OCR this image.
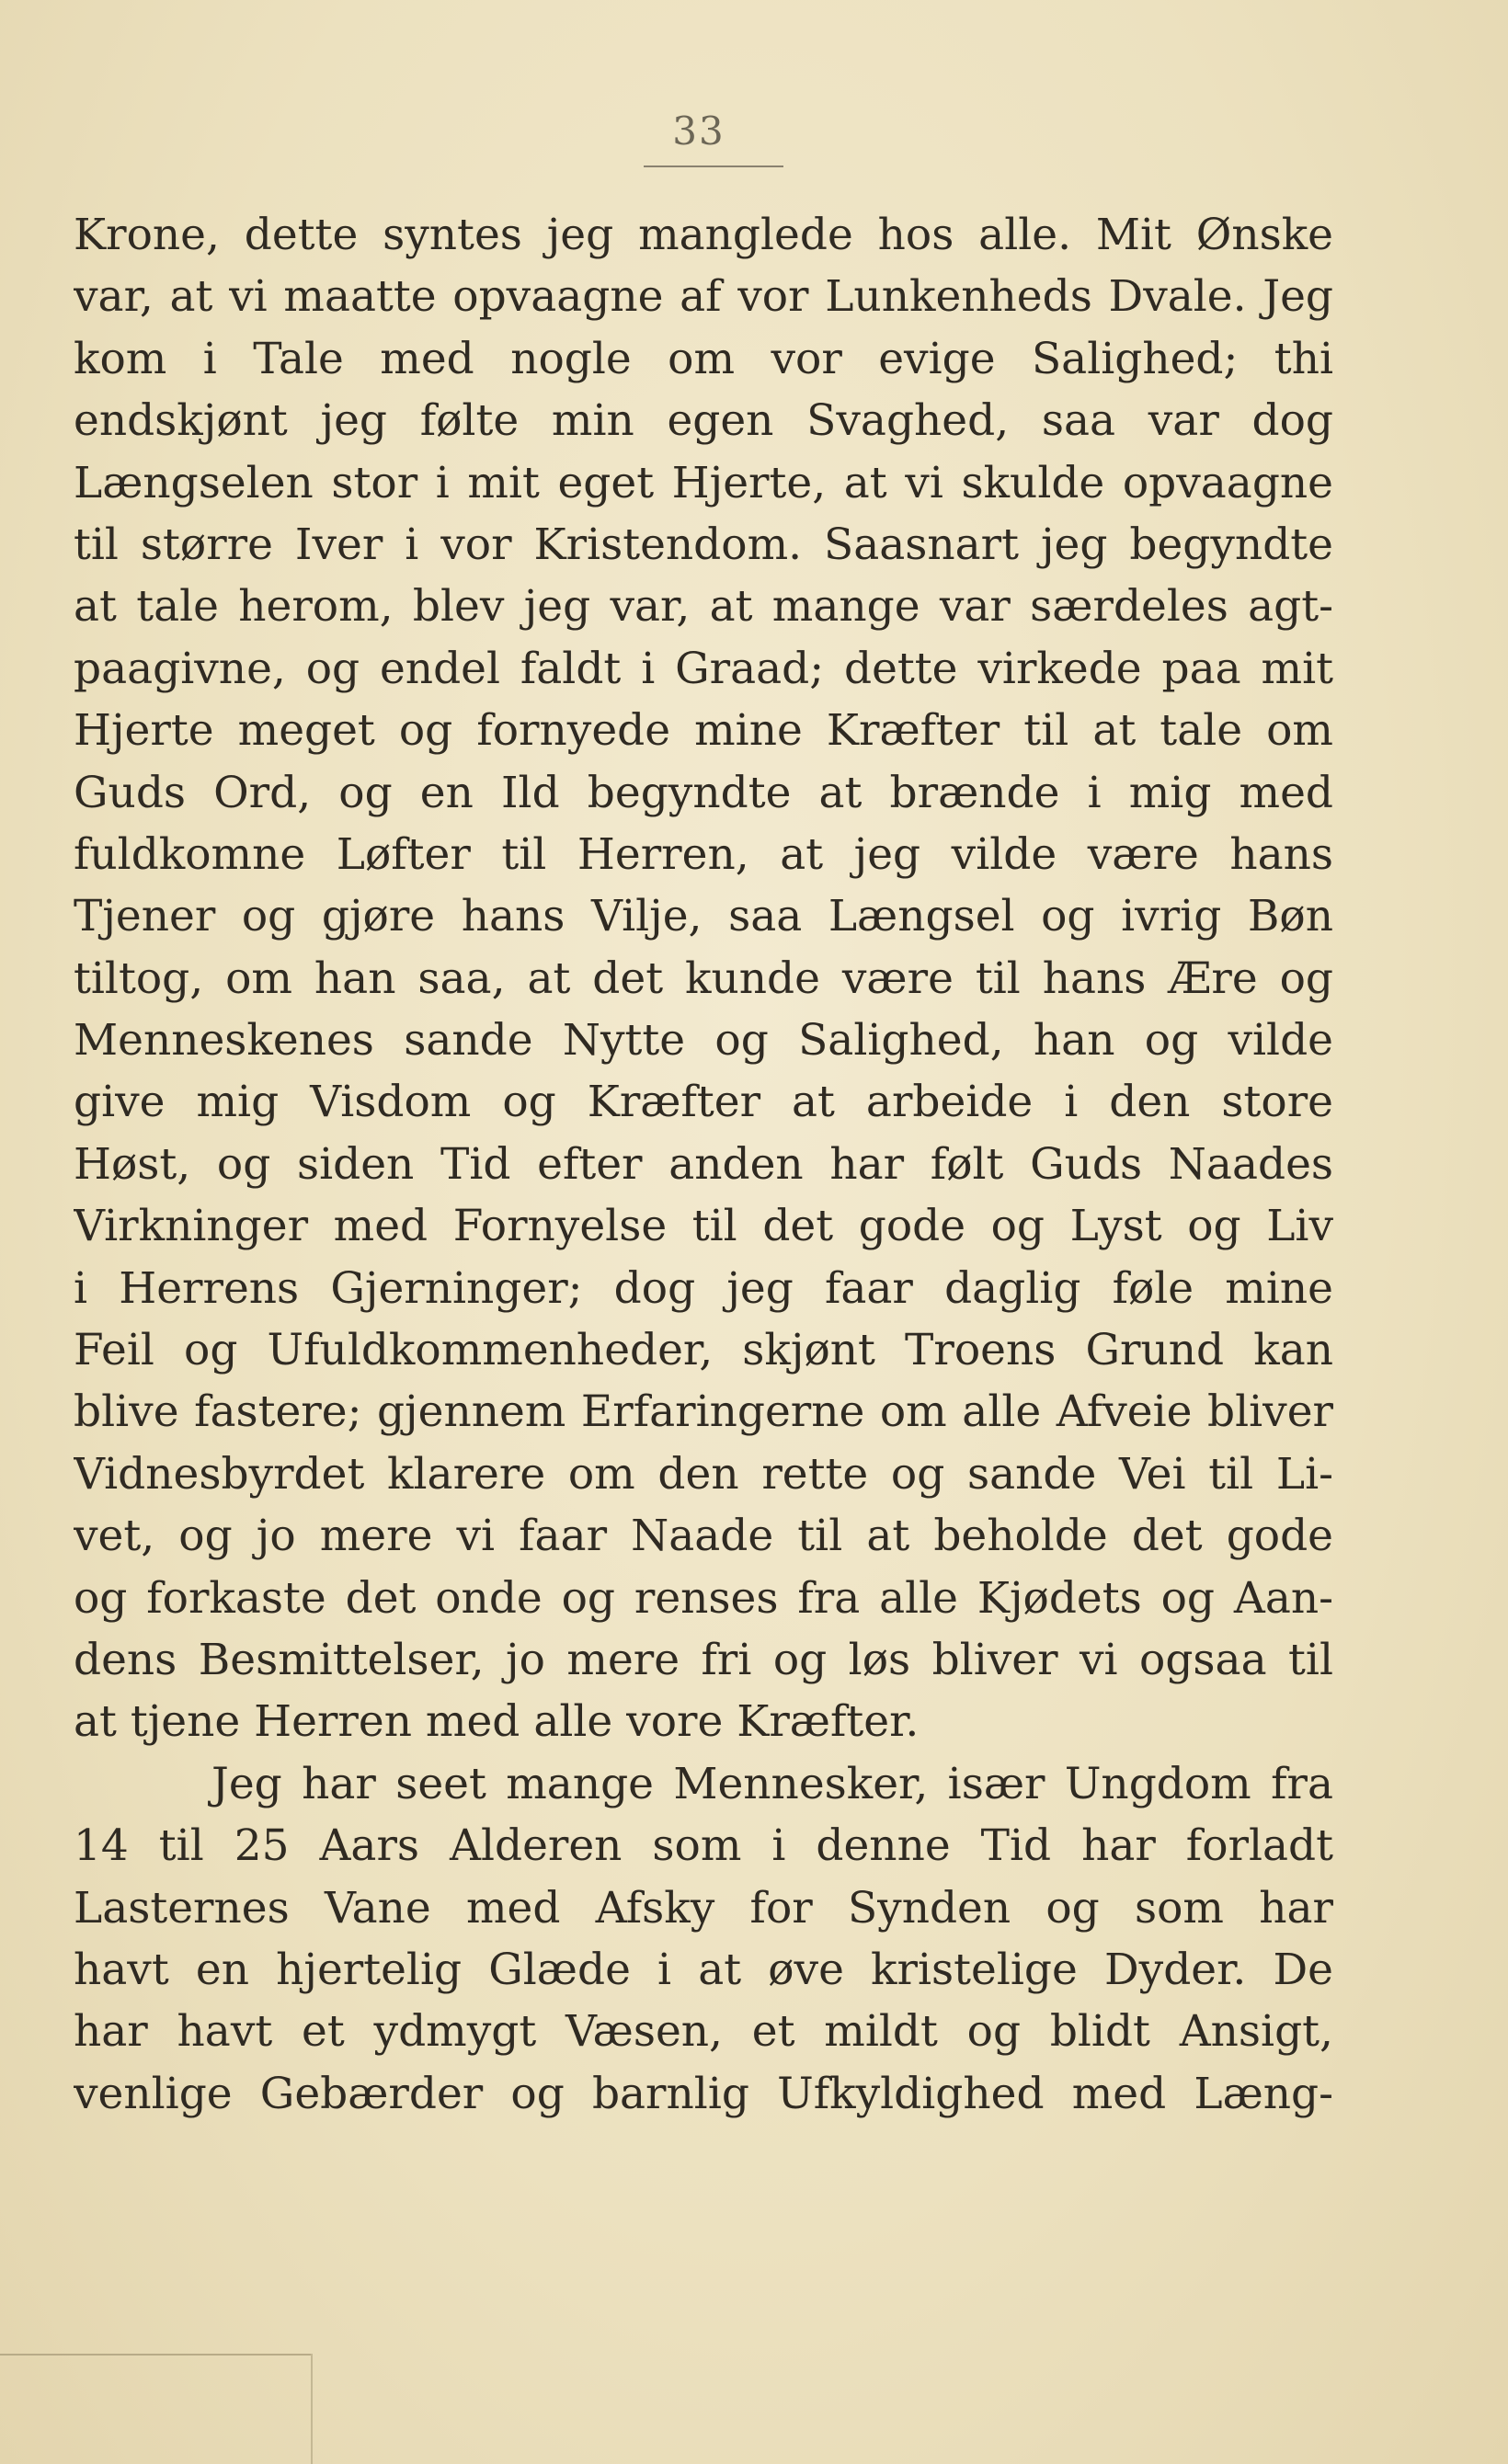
33
Krone, dette syntes jeg manglede hos alle. Mit Ønske
var, at vi maatte opvaagne af vor Lunkenheds Dvale. Jeg
kom i Tale med nogle om vor evige Salighed; thi
endskjønt jeg følte min egen Svaghed, saa var dog
Længselen stor i mit eget Hjerte, at vi skulde opvaagne
til større Iver i vor Kristendom. Saasnart jeg begyndte
at tale herom, blev jeg var, at mange var særdeles agt-
paagivne, og endel faldt i Graad; dette virkede paa mit
Hjerte meget og fornyede mine Kræfter til at tale om
Guds Ord, og en Ild begyndte at brænde i mig med
fuldkomne Løfter til Herren, at jeg vilde være hans
Tjener og gjøre hans Vilje, saa Længsel og ivrig Bøn
tiltog, om han saa, at det kunde være til hans Ære og
Menneskenes sande Nytte og Salighed, han og vilde
give mig Visdom og Kræfter at arbeide i den store
Høst, og siden Tid efter anden har følt Guds Naades
Virkninger med Fornyelse til det gode og Lyst og Liv
i Herrens Gjerninger; dog jeg faar daglig føle mine
Feil og Ufuldkommenheder, skjønt Troens Grund kan
blive fastere; gjennem Erfaringerne om alle Afveie bliver
Vidnesbyrdet klarere om den rette og sande Vei til Li-
vet, og jo mere vi faar Naade til at beholde det gode
og forkaste det onde og renses fra alle Kjødets og Aan-
dens Besmittelser, jo mere fri og løs bliver vi ogsaa til
at tjene Herren med alle vore Kræfter.
Jeg har seet mange Mennesker, især Ungdom fra
14 til 25 Aars Alderen som i denne Tid har forladt
Lasternes Vane med Afsky for Synden og som har
havt en hjertelig Glæde i at øve kristelige Dyder. De
har havt et ydmygt Væsen, et mildt og blidt Ansigt,
venlige Gebærder og barnlig Ufkyldighed med Læng-
